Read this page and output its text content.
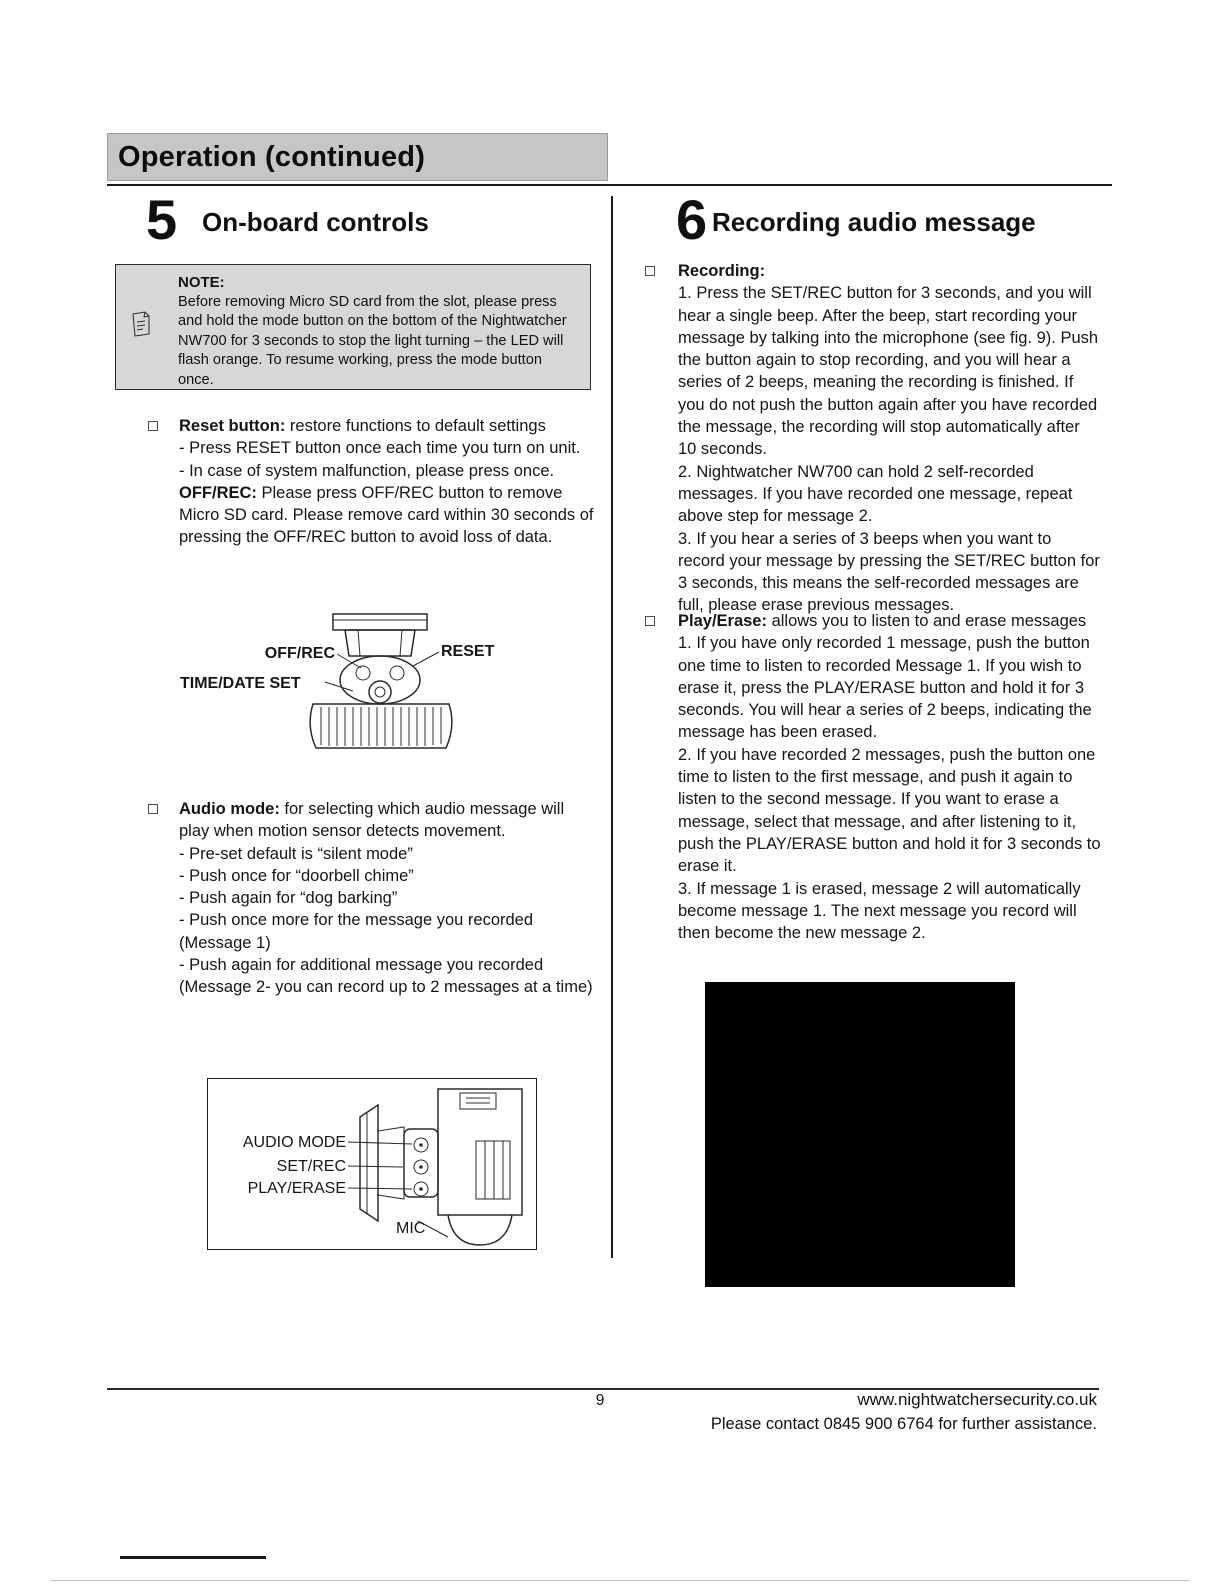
Operation (continued)
5 On-board controls
NOTE:
Before removing Micro SD card from the slot, please press and hold the mode button on the bottom of the Nightwatcher NW700 for 3 seconds to stop the light turning – the LED will flash orange. To resume working, press the mode button once.

Reset button: restore functions to default settings

- Press RESET button once each time you turn on unit.

- In case of system malfunction, please press once.

OFF/REC: Please press OFF/REC button to remove Micro SD card. Please remove card within 30 seconds of pressing the OFF/REC button to avoid loss of data.

OFF/REC	RESET
TIME/DATE SET

Audio mode: for selecting which audio message will play when motion sensor detects movement.

- Pre-set default is “silent mode”

- Push once for “doorbell chime”

- Push again for “dog barking”

- Push once more for the message you recorded (Message 1)

- Push again for additional message you recorded (Message 2- you can record up to 2 messages at a time)

AUDIO MODE
SET/REC
PLAY/ERASE
MIC
6 Recording audio message

Recording:

1. Press the SET/REC button for 3 seconds, and you will hear a single beep. After the beep, start recording your message by talking into the microphone (see fig. 9). Push the button again to stop recording, and you will hear a series of 2 beeps, meaning the recording is finished. If you do not push the button again after you have recorded the message, the recording will stop automatically after 10 seconds.

2. Nightwatcher NW700 can hold 2 self-recorded messages. If you have recorded one message, repeat above step for message 2.

3. If you hear a series of 3 beeps when you want to record your message by pressing the SET/REC button for 3 seconds, this means the self-recorded messages are full, please erase previous messages.

Play/Erase: allows you to listen to and erase messages

1. If you have only recorded 1 message, push the button one time to listen to recorded Message 1. If you wish to erase it, press the PLAY/ERASE button and hold it for 3 seconds. You will hear a series of 2 beeps, indicating the message has been erased.

2. If you have recorded 2 messages, push the button one time to listen to the first message, and push it again to listen to the second message. If you want to erase a message, select that message, and after listening to it, push the PLAY/ERASE button and hold it for 3 seconds to erase it.

3. If message 1 is erased, message 2 will automatically become message 1. The next message you record will then become the new message 2.

9	www.nightwatchersecurity.co.uk
Please contact 0845 900 6764 for further assistance.
